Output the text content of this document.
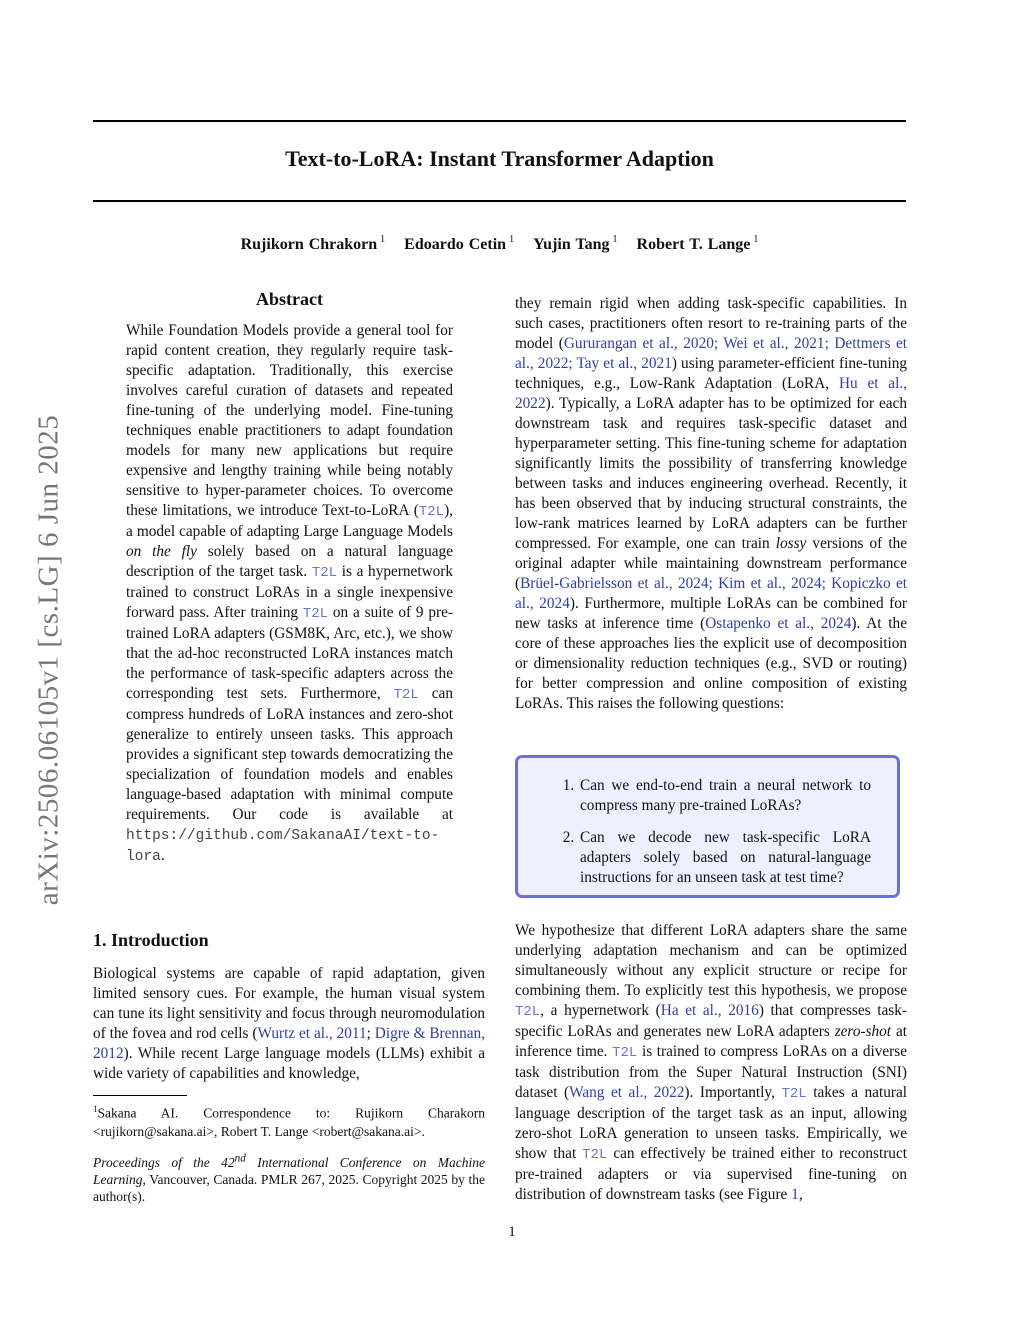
arXiv:2506.06105v1 [cs.LG] 6 Jun 2025
Text-to-LoRA: Instant Transformer Adaption
Rujikorn Chrakorn $^1$ Edoardo Cetin $^1$ Yujin Tang $^1$ Robert T. Lange $^1$
Abstract

While Foundation Models provide a general tool for rapid content creation, they regularly require task-specific adaptation. Traditionally, this exercise involves careful curation of datasets and repeated fine-tuning of the underlying model. Fine-tuning techniques enable practitioners to adapt foundation models for many new applications but require expensive and lengthy training while being notably sensitive to hyper-parameter choices. To overcome these limitations, we introduce Text-to-LoRA (T2L), a model capable of adapting Large Language Models on the fly solely based on a natural language description of the target task. T2L is a hypernetwork trained to construct LoRAs in a single inexpensive forward pass. After training T2L on a suite of 9 pre-trained LoRA adapters (GSM8K, Arc, etc.), we show that the ad-hoc reconstructed LoRA instances match the performance of task-specific adapters across the corresponding test sets. Furthermore, T2L can compress hundreds of LoRA instances and zero-shot generalize to entirely unseen tasks. This approach provides a significant step towards democratizing the specialization of foundation models and enables language-based adaptation with minimal compute requirements. Our code is available at https://github.com/SakanaAI/text-to-lora.

1. Introduction

Biological systems are capable of rapid adaptation, given limited sensory cues. For example, the human visual system can tune its light sensitivity and focus through neuromodulation of the fovea and rod cells (Wurtz et al., 2011; Digre & Brennan, 2012). While recent Large language models (LLMs) exhibit a wide variety of capabilities and knowledge,

$^1$Sakana AI. Correspondence to: Rujikorn Charakorn <rujikorn@sakana.ai>, Robert T. Lange <robert@sakana.ai>.
Proceedings of the 42nd International Conference on Machine Learning, Vancouver, Canada. PMLR 267, 2025. Copyright 2025 by the author(s).

they remain rigid when adding task-specific capabilities. In such cases, practitioners often resort to re-training parts of the model (Gururangan et al., 2020; Wei et al., 2021; Dettmers et al., 2022; Tay et al., 2021) using parameter-efficient fine-tuning techniques, e.g., Low-Rank Adaptation (LoRA, Hu et al., 2022). Typically, a LoRA adapter has to be optimized for each downstream task and requires task-specific dataset and hyperparameter setting. This fine-tuning scheme for adaptation significantly limits the possibility of transferring knowledge between tasks and induces engineering overhead. Recently, it has been observed that by inducing structural constraints, the low-rank matrices learned by LoRA adapters can be further compressed. For example, one can train lossy versions of the original adapter while maintaining downstream performance (Brüel-Gabrielsson et al., 2024; Kim et al., 2024; Kopiczko et al., 2024). Furthermore, multiple LoRAs can be combined for new tasks at inference time (Ostapenko et al., 2024). At the core of these approaches lies the explicit use of decomposition or dimensionality reduction techniques (e.g., SVD or routing) for better compression and online composition of existing LoRAs. This raises the following questions:

1. Can we end-to-end train a neural network to compress many pre-trained LoRAs?
2. Can we decode new task-specific LoRA adapters solely based on natural-language instructions for an unseen task at test time?

We hypothesize that different LoRA adapters share the same underlying adaptation mechanism and can be optimized simultaneously without any explicit structure or recipe for combining them. To explicitly test this hypothesis, we propose T2L, a hypernetwork (Ha et al., 2016) that compresses task-specific LoRAs and generates new LoRA adapters zero-shot at inference time. T2L is trained to compress LoRAs on a diverse task distribution from the Super Natural Instruction (SNI) dataset (Wang et al., 2022). Importantly, T2L takes a natural language description of the target task as an input, allowing zero-shot LoRA generation to unseen tasks. Empirically, we show that T2L can effectively be trained either to reconstruct pre-trained adapters or via supervised fine-tuning on distribution of downstream tasks (see Figure 1,

1
